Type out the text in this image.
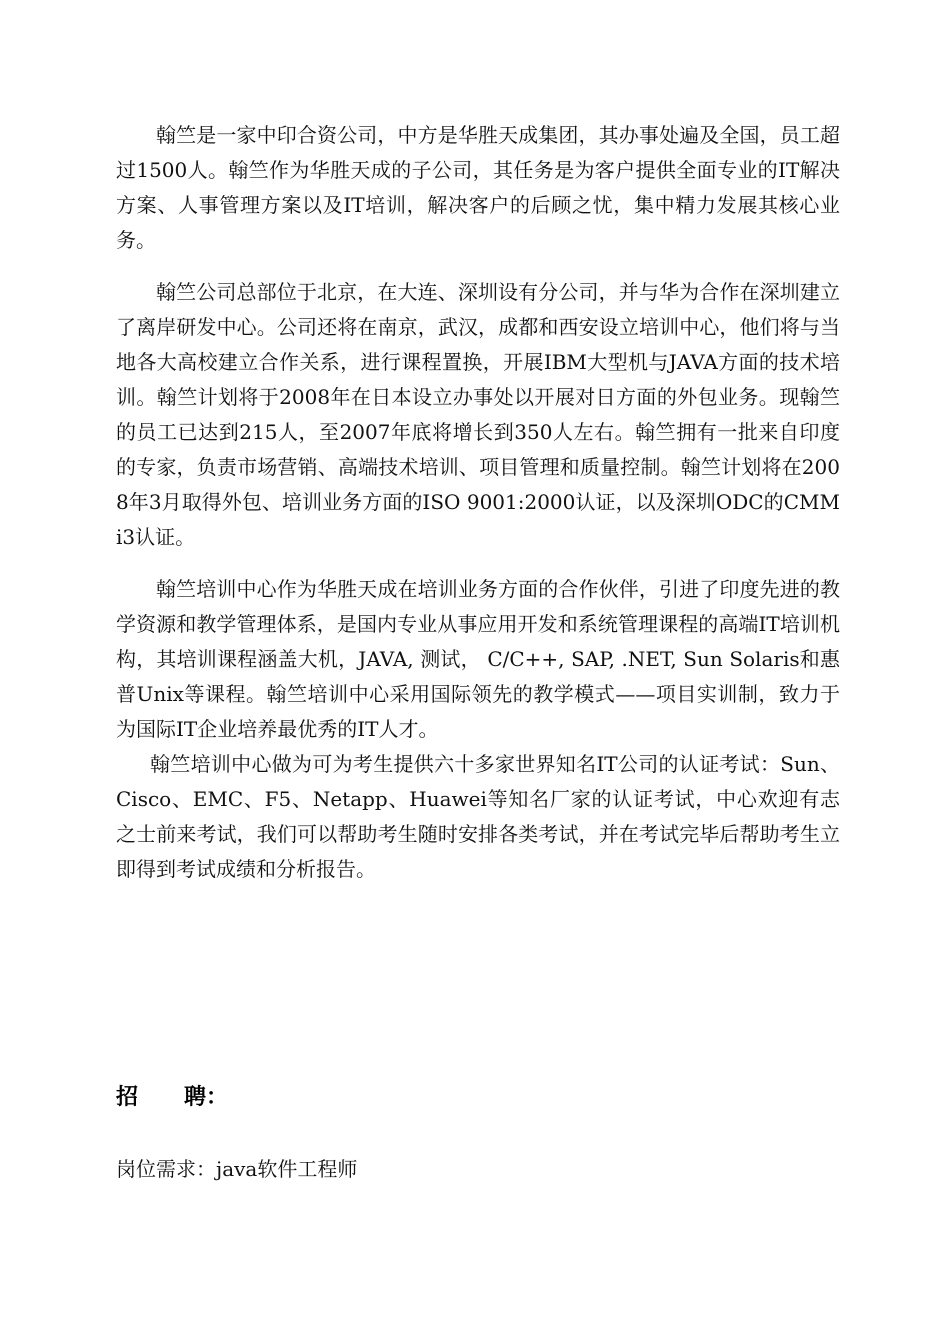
翰竺是一家中印合资公司，中方是华胜天成集团，其办事处遍及全国，员工超过1500人。翰竺作为华胜天成的子公司，其任务是为客户提供全面专业的IT解决方案、人事管理方案以及IT培训，解决客户的后顾之忧，集中精力发展其核心业务。

翰竺公司总部位于北京，在大连、深圳设有分公司，并与华为合作在深圳建立了离岸研发中心。公司还将在南京，武汉，成都和西安设立培训中心，他们将与当地各大高校建立合作关系，进行课程置换，开展IBM大型机与JAVA方面的技术培训。翰竺计划将于2008年在日本设立办事处以开展对日方面的外包业务。现翰竺的员工已达到215人，至2007年底将增长到350人左右。翰竺拥有一批来自印度的专家，负责市场营销、高端技术培训、项目管理和质量控制。翰竺计划将在2008年3月取得外包、培训业务方面的ISO 9001:2000认证，以及深圳ODC的CMMi3认证。

翰竺培训中心作为华胜天成在培训业务方面的合作伙伴，引进了印度先进的教学资源和教学管理体系，是国内专业从事应用开发和系统管理课程的高端IT培训机构，其培训课程涵盖大机，JAVA, 测试， C/C++, SAP, .NET, Sun Solaris和惠普Unix等课程。翰竺培训中心采用国际领先的教学模式——项目实训制，致力于为国际IT企业培养最优秀的IT人才。

翰竺培训中心做为可为考生提供六十多家世界知名IT公司的认证考试：Sun、Cisco、EMC、F5、Netapp、Huawei等知名厂家的认证考试，中心欢迎有志之士前来考试，我们可以帮助考生随时安排各类考试，并在考试完毕后帮助考生立即得到考试成绩和分析报告。

招 聘：
岗位需求：java软件工程师
